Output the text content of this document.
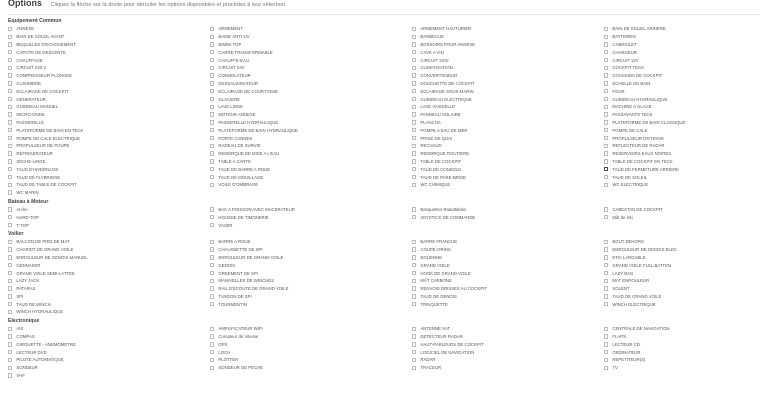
Options Cliquez la flèche sur la droite pour dérouler les options disponibles et procédez à leur sélection.
Equipement Commun
ANNEXE
BAIN DE SOLEIL AVANT
BEQUILLES D'ECHOUEMENT
CAPOTE DE DESCENTE
CHAUFFAGE
CIRCUIT 220 V
COMPRESSEUR PLONGEE
CUISINIERE
ECLAIRAGE DE COCKPIT
GENERATEUR
GUINDEAU MANUEL
MICRO-ONDE
PASSERELLE
PLATEFORME DE BAIN EN TECK
POMPE DE CALE ELECTRIQUE
PROPULSEUR DE POUPE
REFRIGERATEUR
SECHE-LINGE
TAUD D'HIVERNAGE
TAUD DE FLYBRIDGE
TAUD DE TABLE DE COCKPIT
WC MARIN
ARMEMENT
BAIDE ANTI-UV
BIMINI TOP
CARRE TRANSFORMABLE
CHAUFFE-EAU
CIRCUIT 24V
CONGELATEUR
DESSALINISATEUR
ECLAIRAGE DE COURTOISIE
GLACIERE
LAVE LINGE
MOTEUR ANNEXE
PASSERELLE HYDRAULIQUE
PLATEFORME DE BAIN HYDRAULIQUE
PORTE CANNES
RADEAU DE SURVIE
REMORQUE DE MISE A L'EAU
TABLE A CARTE
TAUD DE BARRE A ROUE
TAUD DE MOUILLAGE
VOILE D'OMBRAGE
ARMEMENT HAUTURIER
BARBECUE
BOSSOIRS POUR ANNEXE
CAVE A VIN
CIRCUIT 110V
CLIMATISATION
CONVERTISSEUR
DOUCHETTE DE COCKPIT
ECLAIRAGE SOUS-MARIN
GUINDEAU ELECTRIQUE
LAVE VAISSELLE
PANNEAU SOLAIRE
PLANCHA
POMPE A EAU DE MER
PRISE DE QUAI
RECHAUD
REMORQUE ROUTIERE
TABLE DE COCKPIT
TAUD DE CONSOLE
TAUD DE PARE-BRISE
WC CHIMIQUE
BAIN DE SOLEIL ARRIERE
BATTERIES
CABRIOLET
CHARGEUR
CIRCUIT 12V
COCKPIT TECK
COUSSINS DE COCKPIT
ECHELLE DE BAIN
FOUR
GUINDEAU HYDRAULIQUE
MACHINE A GLACE
PASSAVANTS TECK
PLATEFORME DE BAIN CLASSIQUE
POMPE DE CALE
PROPULSEUR D'ETRAVE
REFLECTEUR DE RADAR
RESERVOIRS EAUX NOIRES
TABLE DE COCKPIT EN TECK
TAUD DE FERMETURE ARRIERE
TAUD DE SOLEIL
WC ELECTRIQUE
Bateau à Moteur
Arche
HARD-TOP
T-TOP
BAC A POISSON AVEC MACERATEUR
HOUSSE DE TIMONERIE
VIVIER
Banquettes Rabattables
JOYSTICK DE COMMANDE
CABESTAN DE COCKPIT
Mât de Ski
Voilier
BALCON DE PIED DE MAT
CHARIOT DE GRAND VOILE
ENROULEUR DE GENOIS MANUEL
GENNAKER
GRAND VOILE SEMI-LATTEE
LAZY JACK
PATARAS
SPI
TAUD DE WINCH
WINCH HYDRAULIQUE
BARRE A ROUE
CHAUSSETTE DE SPI
ENROULEUR DE GRAND-VOILE
GENOIS
GREEMENT DE SPI
MANIVELLES DE WINCHES
RAIL D'ECOUTE DE GRAND VOILE
TANGON DE SPI
TOURMENTIN
BARRE FRANCHE
COUPE-ORINS
EOLIENNE
GRAND VOILE
HOOK DE GRAND VOILE
MÂT CARBONE
RENVOIS DRISSES AU COCKPIT
TAUD DE GENOIS
TRINQUETTE
BOUT DEHORS
ENROULEUR DE GENOIS ELEC.
ETAI LARGABLE
GRAND VOILE FULL BATTEN
LAZY BAG
MAT ENROULEUR
SOLENT
TAUD DE GRAND VOILE
WINCH ELECTRIQUE
Electronique
AIS
COMPAS
GIROUETTE - ANEMOMETRE
LECTEUR DVD
PILOTE AUTOMATIQUE
SONDEUR
VHF
AMPLIFICATEUR WIFI
Compteur de Vitesse
GPS
LOCH
PLOTTER
SONDEUR DE PECHE
ANTENNE SAT
DETECTEUR RADAR
HAUT-PARLEURS DE COCKPIT
LOGICIEL DE NAVIGATION
RADAR
TRACEUR
CENTRALE DE NAVIGATION
FLAPS
LECTEUR CD
ORDINATEUR
REPETITEUR(S)
TV
